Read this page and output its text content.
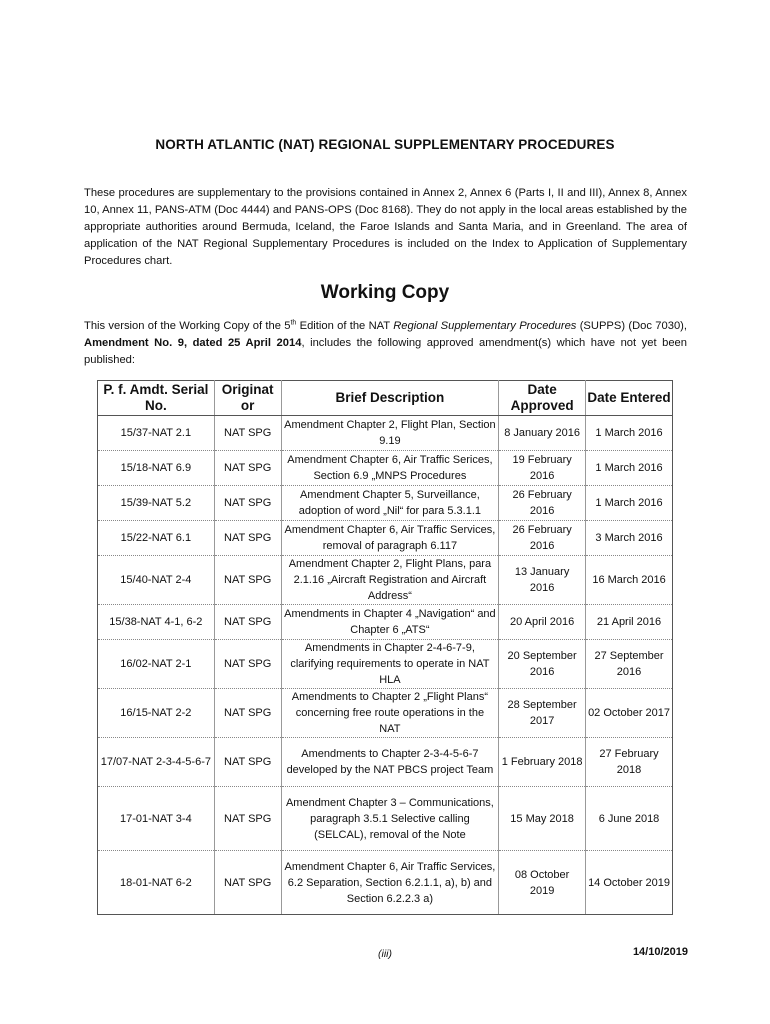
NORTH ATLANTIC (NAT) REGIONAL SUPPLEMENTARY PROCEDURES
These procedures are supplementary to the provisions contained in Annex 2, Annex 6 (Parts I, II and III), Annex 8, Annex 10, Annex 11, PANS-ATM (Doc 4444) and PANS-OPS (Doc 8168). They do not apply in the local areas established by the appropriate authorities around Bermuda, Iceland, the Faroe Islands and Santa Maria, and in Greenland. The area of application of the NAT Regional Supplementary Procedures is included on the Index to Application of Supplementary Procedures chart.
Working Copy
This version of the Working Copy of the 5th Edition of the NAT Regional Supplementary Procedures (SUPPS) (Doc 7030), Amendment No. 9, dated 25 April 2014, includes the following approved amendment(s) which have not yet been published:
P. f. Amdt. Serial No.	Originat or	Brief Description	Date Approved	Date Entered
15/37-NAT 2.1	NAT SPG	Amendment Chapter 2, Flight Plan, Section 9.19	8 January 2016	1 March 2016
15/18-NAT 6.9	NAT SPG	Amendment Chapter 6, Air Traffic Serices, Section 6.9 „MNPS Procedures	19 February 2016	1 March 2016
15/39-NAT 5.2	NAT SPG	Amendment Chapter 5, Surveillance, adoption of word „Nil“ for para 5.3.1.1	26 February 2016	1 March 2016
15/22-NAT 6.1	NAT SPG	Amendment Chapter 6, Air Traffic Services, removal of paragraph 6.117	26 February 2016	3 March 2016
15/40-NAT 2-4	NAT SPG	Amendment Chapter 2, Flight Plans, para 2.1.16 „Aircraft Registration and Aircraft Address“	13 January 2016	16 March 2016
15/38-NAT 4-1, 6-2	NAT SPG	Amendments in Chapter 4 „Navigation“ and Chapter 6 „ATS“	20 April 2016	21 April 2016
16/02-NAT 2-1	NAT SPG	Amendments in Chapter 2-4-6-7-9, clarifying requirements to operate in NAT HLA	20 September 2016	27 September 2016
16/15-NAT 2-2	NAT SPG	Amendments to Chapter 2 „Flight Plans“ concerning free route operations in the NAT	28 September 2017	02 October 2017
17/07-NAT 2-3-4-5-6-7	NAT SPG	Amendments to Chapter 2-3-4-5-6-7 developed by the NAT PBCS project Team	1 February 2018	27 February 2018
17-01-NAT 3-4	NAT SPG	Amendment Chapter 3 – Communications, paragraph 3.5.1 Selective calling (SELCAL), removal of the Note	15 May 2018	6 June 2018
18-01-NAT 6-2	NAT SPG	Amendment Chapter 6, Air Traffic Services, 6.2 Separation, Section 6.2.1.1, a), b) and Section 6.2.2.3 a)	08 October 2019	14 October 2019
(iii)	14/10/2019
